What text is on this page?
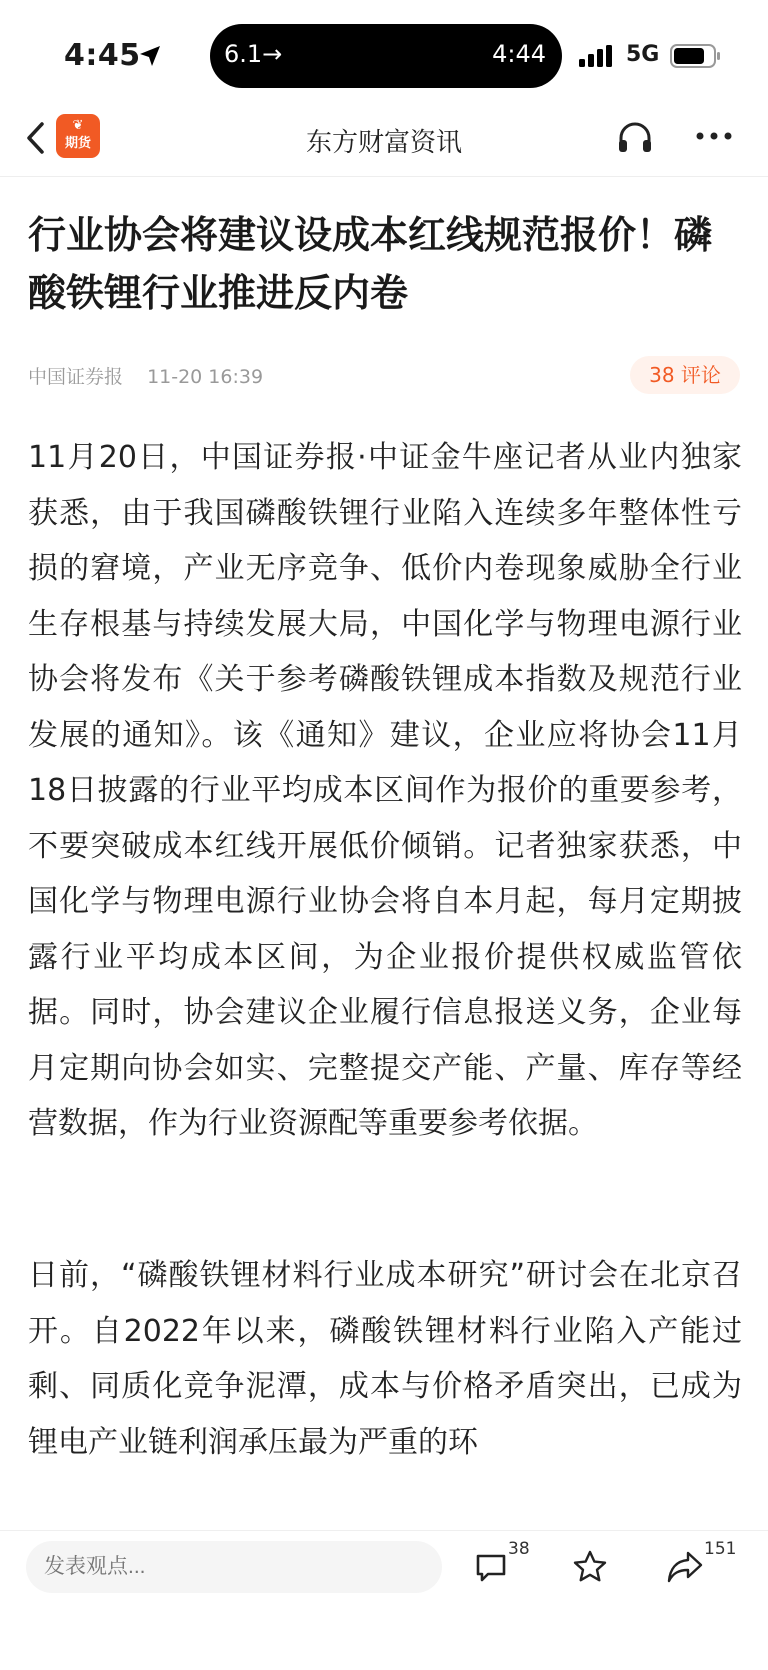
4:45	6.1→	4:44	5G
❦
期货	东方财富资讯
行业协会将建议设成本红线规范报价！磷酸铁锂行业推进反内卷
中国证券报 11-20 16:39	38 评论

11月20日，中国证券报·中证金牛座记者从业内独家获悉，由于我国磷酸铁锂行业陷入连续多年整体性亏损的窘境，产业无序竞争、低价内卷现象威胁全行业生存根基与持续发展大局，中国化学与物理电源行业协会将发布《关于参考磷酸铁锂成本指数及规范行业发展的通知》。该《通知》建议，企业应将协会11月18日披露的行业平均成本区间作为报价的重要参考，不要突破成本红线开展低价倾销。记者独家获悉，中国化学与物理电源行业协会将自本月起，每月定期披露行业平均成本区间，为企业报价提供权威监管依据。同时，协会建议企业履行信息报送义务，企业每月定期向协会如实、完整提交产能、产量、库存等经营数据，作为行业资源配等重要参考依据。

日前，“磷酸铁锂材料行业成本研究”研讨会在北京召开。自2022年以来，磷酸铁锂材料行业陷入产能过剩、同质化竞争泥潭，成本与价格矛盾突出，已成为锂电产业链利润承压最为严重的环

发表观点...
38	151
